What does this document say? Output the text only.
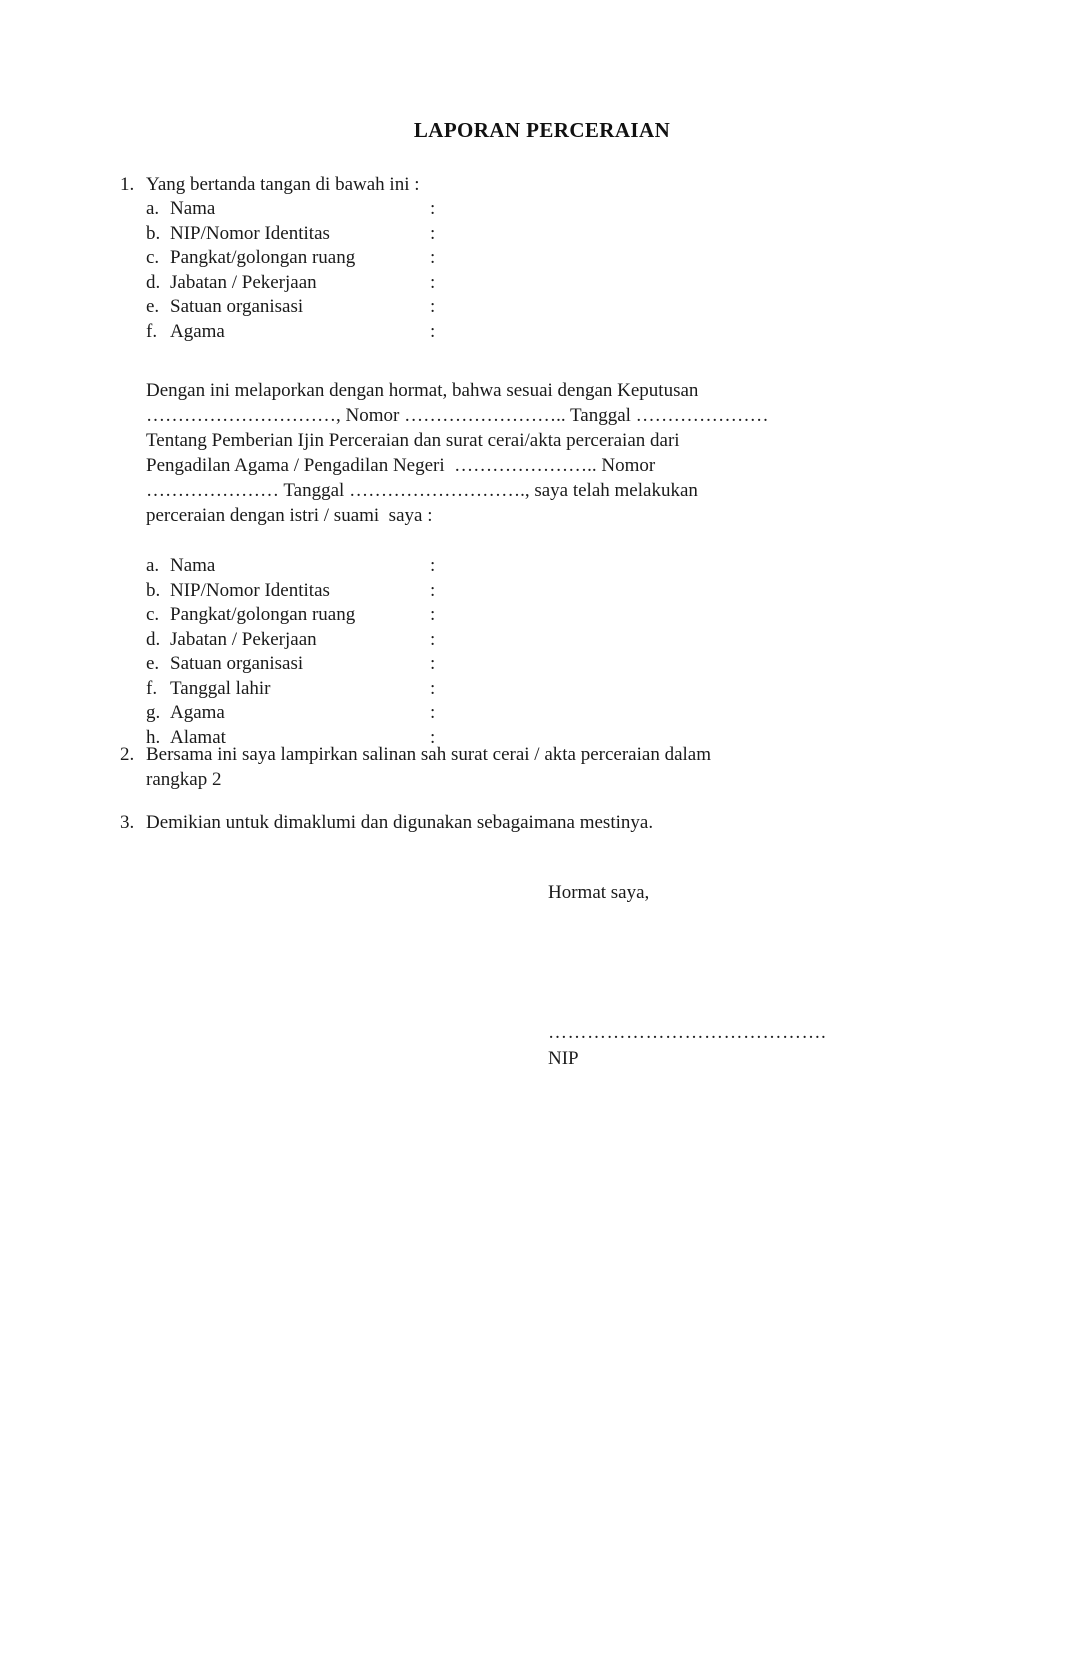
LAPORAN PERCERAIAN
1. Yang bertanda tangan di bawah ini :
a. Nama	:
b. NIP/Nomor Identitas	:
c. Pangkat/golongan ruang	:
d. Jabatan / Pekerjaan	:
e. Satuan organisasi	:
f. Agama	:
Dengan ini melaporkan dengan hormat, bahwa sesuai dengan Keputusan
…………………………, Nomor …………………….. Tanggal …………………
Tentang Pemberian Ijin Perceraian dan surat cerai/akta perceraian dari
Pengadilan Agama / Pengadilan Negeri  ………………….. Nomor
………………… Tanggal ………………………., saya telah melakukan
perceraian dengan istri / suami  saya :
a. Nama	:
b. NIP/Nomor Identitas	:
c. Pangkat/golongan ruang	:
d. Jabatan / Pekerjaan	:
e. Satuan organisasi	:
f. Tanggal lahir	:
g. Agama	:
h. Alamat	:
2. Bersama ini saya lampirkan salinan sah surat cerai / akta perceraian dalam
rangkap 2
3. Demikian untuk dimaklumi dan digunakan sebagaimana mestinya.
Hormat saya,
…………………………………….
NIP
